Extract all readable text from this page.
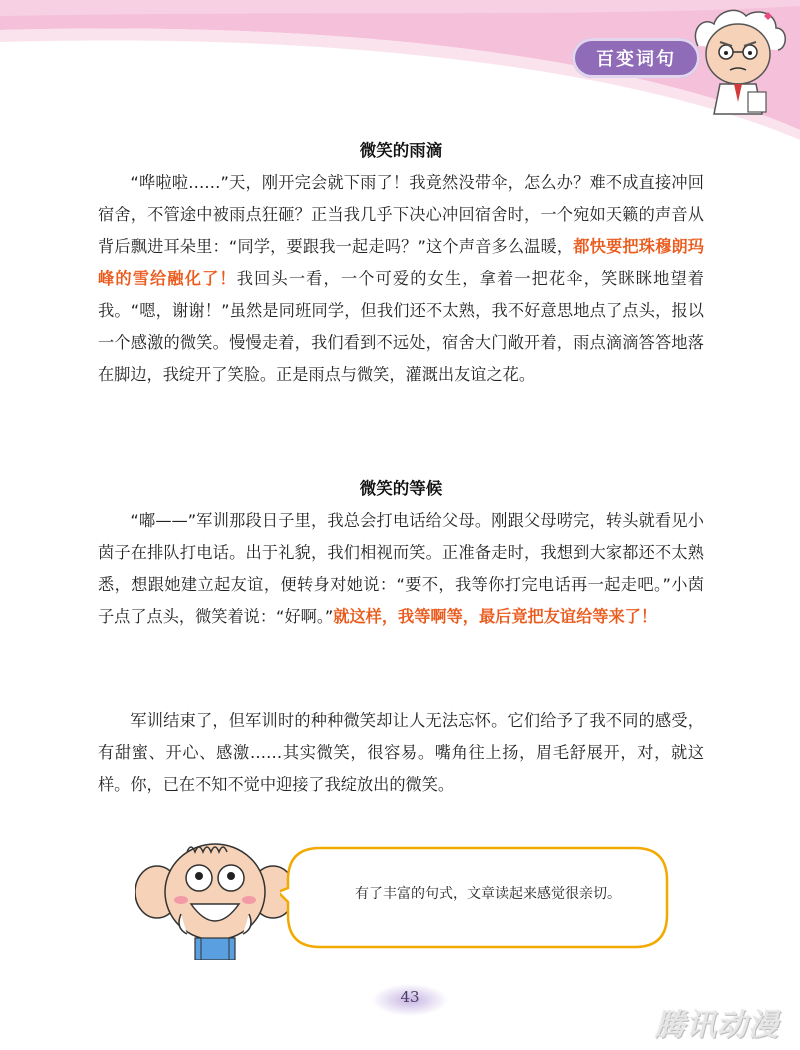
百变词句
微笑的雨滴

“哗啦啦……”天，刚开完会就下雨了！我竟然没带伞，怎么办？难不成直接冲回宿舍，不管途中被雨点狂砸？正当我几乎下决心冲回宿舍时，一个宛如天籁的声音从背后飘进耳朵里：“同学，要跟我一起走吗？”这个声音多么温暖，都快要把珠穆朗玛峰的雪给融化了！我回头一看，一个可爱的女生，拿着一把花伞，笑眯眯地望着我。“嗯，谢谢！”虽然是同班同学，但我们还不太熟，我不好意思地点了点头，报以一个感激的微笑。慢慢走着，我们看到不远处，宿舍大门敞开着，雨点滴滴答答地落在脚边，我绽开了笑脸。正是雨点与微笑，灌溉出友谊之花。

微笑的等候

“嘟——”军训那段日子里，我总会打电话给父母。刚跟父母唠完，转头就看见小茵子在排队打电话。出于礼貌，我们相视而笑。正准备走时，我想到大家都还不太熟悉，想跟她建立起友谊，便转身对她说：“要不，我等你打完电话再一起走吧。”小茵子点了点头，微笑着说：“好啊。”就这样，我等啊等，最后竟把友谊给等来了！

军训结束了，但军训时的种种微笑却让人无法忘怀。它们给予了我不同的感受，有甜蜜、开心、感激……其实微笑，很容易。嘴角往上扬，眉毛舒展开，对，就这样。你，已在不知不觉中迎接了我绽放出的微笑。

有了丰富的句式，文章读起来感觉很亲切。
43
腾讯动漫
